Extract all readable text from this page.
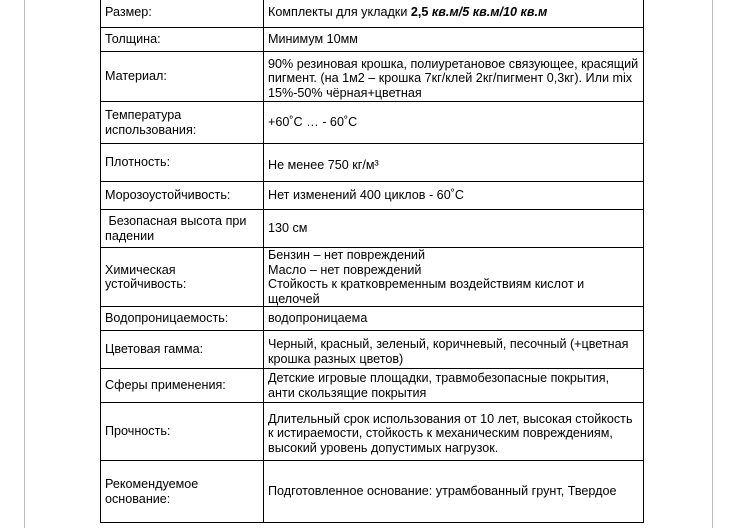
Размер:	Комплекты для укладки 2,5 кв.м/5 кв.м/10 кв.м
Толщина:	Минимум 10мм
Материал:	90% резиновая крошка, полиуретановое связующее, красящий пигмент. (на 1м2 – крошка 7кг/клей 2кг/пигмент 0,3кг). Или mix 15%-50% чёрная+цветная
Температура использования:	+60˚C … - 60˚C
Плотность:	Не менее 750 кг/м³
Морозоустойчивость:	Нет изменений 400 циклов - 60˚C
Безопасная высота при падении	130 см
Химическая устойчивость:	Бензин – нет повреждений
Масло – нет повреждений
Стойкость к кратковременным воздействиям кислот и щелочей

Водопроницаемость:	водопроницаема
Цветовая гамма:	Черный, красный, зеленый, коричневый, песочный (+цветная крошка разных цветов)
Сферы применения:	Детские игровые площадки, травмобезопасные покрытия, анти скользящие покрытия
Прочность:	Длительный срок использования от 10 лет, высокая стойкость к истираемости, стойкость к механическим повреждениям, высокий уровень допустимых нагрузок.
Рекомендуемое основание:	Подготовленное основание: утрамбованный грунт, Твердое
